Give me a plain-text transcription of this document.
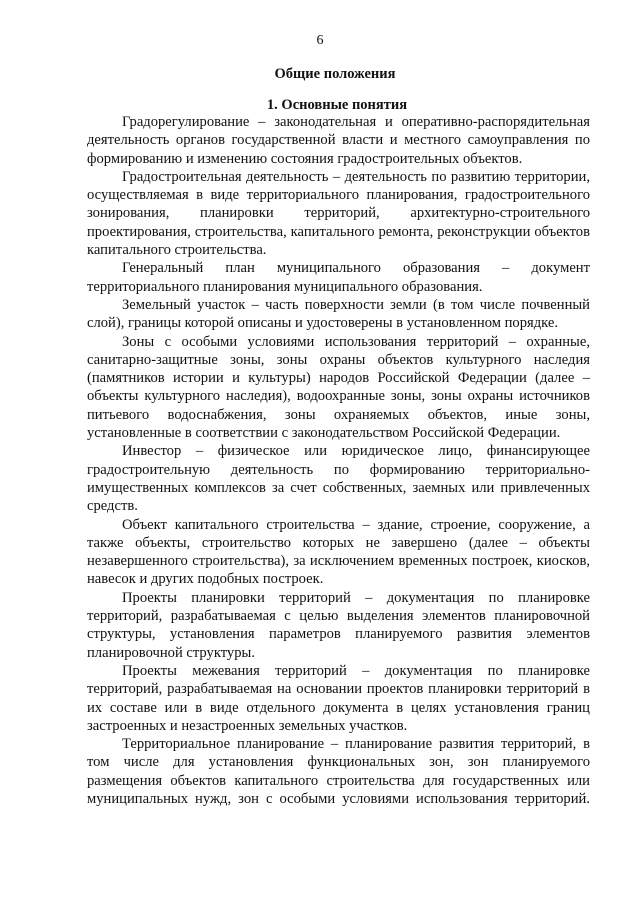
6
Общие положения
1. Основные понятия

Градорегулирование – законодательная и оперативно-распорядительная деятельность органов государственной власти и местного самоуправления по формированию и изменению состояния градостроительных объектов.

Градостроительная деятельность – деятельность по развитию территории, осуществляемая в виде территориального планирования, градостроительного зонирования, планировки территорий, архитектурно-строительного проектирования, строительства, капитального ремонта, реконструкции объектов капитального строительства.

Генеральный план муниципального образования – документ территориального планирования муниципального образования.

Земельный участок – часть поверхности земли (в том числе почвенный слой), границы которой описаны и удостоверены в установленном порядке.

Зоны с особыми условиями использования территорий – охранные, санитарно-защитные зоны, зоны охраны объектов культурного наследия (памятников истории и культуры) народов Российской Федерации (далее – объекты культурного наследия), водоохранные зоны, зоны охраны источников питьевого водоснабжения, зоны охраняемых объектов, иные зоны, установленные в соответствии с законодательством Российской Федерации.

Инвестор – физическое или юридическое лицо, финансирующее градостроительную деятельность по формированию территориально-имущественных комплексов за счет собственных, заемных или привлеченных средств.

Объект капитального строительства – здание, строение, сооружение, а также объекты, строительство которых не завершено (далее – объекты незавершенного строительства), за исключением временных построек, киосков, навесок и других подобных построек.

Проекты планировки территорий – документация по планировке территорий, разрабатываемая с целью выделения элементов планировочной структуры, установления параметров планируемого развития элементов планировочной структуры.

Проекты межевания территорий – документация по планировке территорий, разрабатываемая на основании проектов планировки территорий в их составе или в виде отдельного документа в целях установления границ застроенных и незастроенных земельных участков.

Территориальное планирование – планирование развития территорий, в том числе для установления функциональных зон, зон планируемого размещения объектов капитального строительства для государственных или муниципальных нужд, зон с особыми условиями использования территорий.
